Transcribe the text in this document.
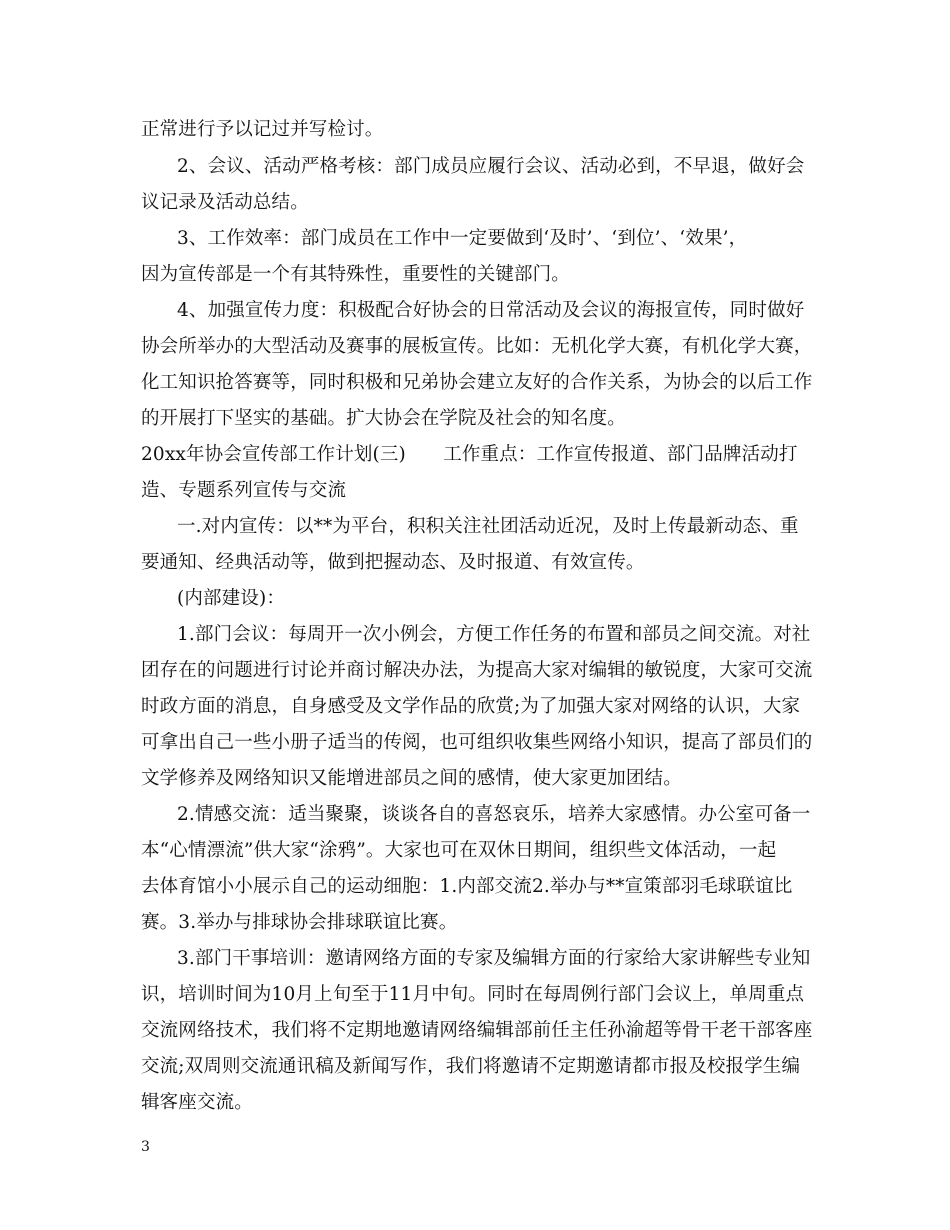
正常进行予以记过并写检讨。
2、会议、活动严格考核：部门成员应履行会议、活动必到，不早退，做好会
议记录及活动总结。
3、工作效率：部门成员在工作中一定要做到‘及时’、‘到位’、‘效果’，
因为宣传部是一个有其特殊性，重要性的关键部门。
4、加强宣传力度：积极配合好协会的日常活动及会议的海报宣传，同时做好
协会所举办的大型活动及赛事的展板宣传。比如：无机化学大赛，有机化学大赛，
化工知识抢答赛等，同时积极和兄弟协会建立友好的合作关系，为协会的以后工作
的开展打下坚实的基础。扩大协会在学院及社会的知名度。
20xx年协会宣传部工作计划(三)　　工作重点：工作宣传报道、部门品牌活动打
造、专题系列宣传与交流
一.对内宣传：以**为平台，积积关注社团活动近况，及时上传最新动态、重
要通知、经典活动等，做到把握动态、及时报道、有效宣传。
(内部建设)：
1.部门会议：每周开一次小例会，方便工作任务的布置和部员之间交流。对社
团存在的问题进行讨论并商讨解决办法，为提高大家对编辑的敏锐度，大家可交流
时政方面的消息，自身感受及文学作品的欣赏;为了加强大家对网络的认识，大家
可拿出自己一些小册子适当的传阅，也可组织收集些网络小知识，提高了部员们的
文学修养及网络知识又能增进部员之间的感情，使大家更加团结。
2.情感交流：适当聚聚，谈谈各自的喜怒哀乐，培养大家感情。办公室可备一
本“心情漂流”供大家“涂鸦”。大家也可在双休日期间，组织些文体活动，一起
去体育馆小小展示自己的运动细胞：1.内部交流2.举办与**宣策部羽毛球联谊比
赛。3.举办与排球协会排球联谊比赛。
3.部门干事培训：邀请网络方面的专家及编辑方面的行家给大家讲解些专业知
识，培训时间为10月上旬至于11月中旬。同时在每周例行部门会议上，单周重点
交流网络技术，我们将不定期地邀请网络编辑部前任主任孙渝超等骨干老干部客座
交流;双周则交流通讯稿及新闻写作，我们将邀请不定期邀请都市报及校报学生编
辑客座交流。
3
